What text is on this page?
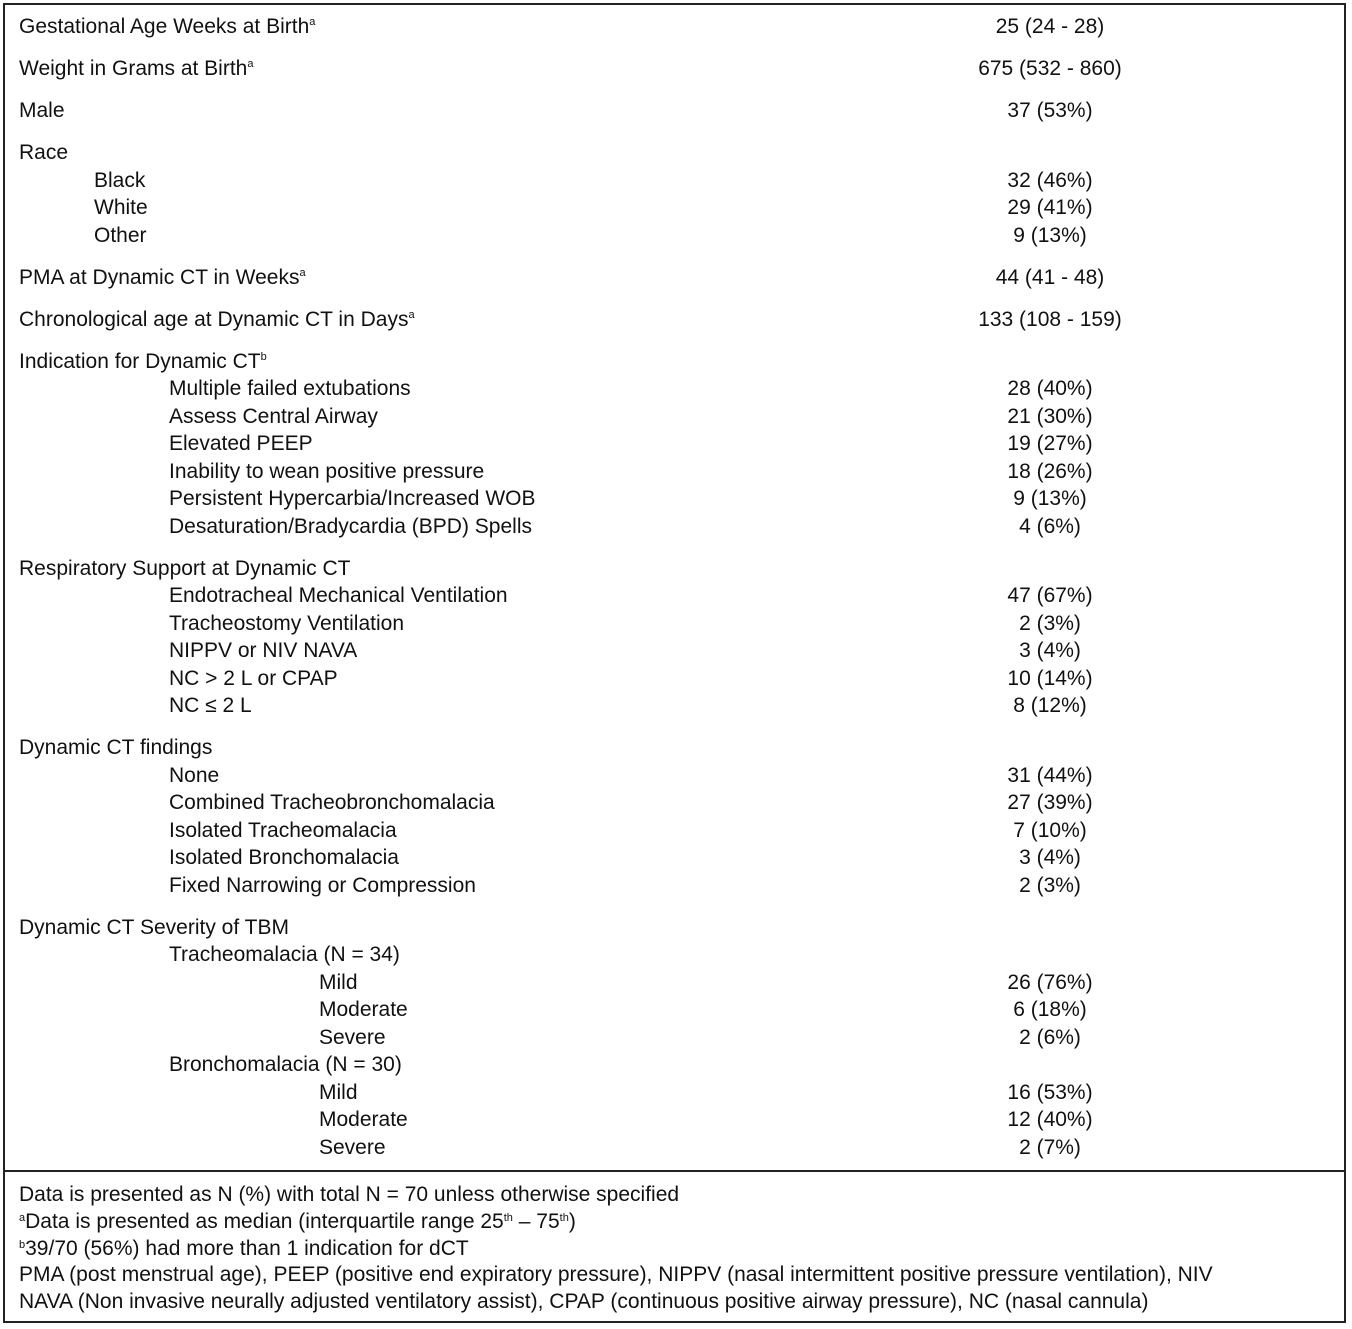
Gestational Age Weeks at Birth$^a$	25 (24 - 28)
Weight in Grams at Birth$^a$	675 (532 - 860)
Male	37 (53%)
Race
Black	32 (46%)
White	29 (41%)
Other	9 (13%)
PMA at Dynamic CT in Weeks$^a$	44 (41 - 48)
Chronological age at Dynamic CT in Days$^a$	133 (108 - 159)
Indication for Dynamic $CT^b$
Multiple failed extubations	28 (40%)
Assess Central Airway	21 (30%)
Elevated PEEP	19 (27%)
Inability to wean positive pressure	18 (26%)
Persistent Hypercarbia/Increased WOB	9 (13%)
Desaturation/Bradycardia (BPD) Spells	4 (6%)
Respiratory Support at Dynamic CT
Endotracheal Mechanical Ventilation	47 (67%)
Tracheostomy Ventilation	2 (3%)
NIPPV or NIV NAVA	3 (4%)
NC > 2 L or CPAP	10 (14%)
NC ≤ 2 L	8 (12%)
Dynamic CT findings
None	31 (44%)
Combined Tracheobronchomalacia	27 (39%)
Isolated Tracheomalacia	7 (10%)
Isolated Bronchomalacia	3 (4%)
Fixed Narrowing or Compression	2 (3%)
Dynamic CT Severity of TBM
Tracheomalacia (N = 34)
Mild	26 (76%)
Moderate	6 (18%)
Severe	2 (6%)
Bronchomalacia (N = 30)
Mild	16 (53%)
Moderate	12 (40%)
Severe	2 (7%)
Data is presented as N (%) with total N = 70 unless otherwise specified
$^a$Data is presented as median (interquartile range 25th – 75th)
$^b$39/70 (56%) had more than 1 indication for dCT
PMA (post menstrual age), PEEP (positive end expiratory pressure), NIPPV (nasal intermittent positive pressure ventilation), NIV
NAVA (Non invasive neurally adjusted ventilatory assist), CPAP (continuous positive airway pressure), NC (nasal cannula)
